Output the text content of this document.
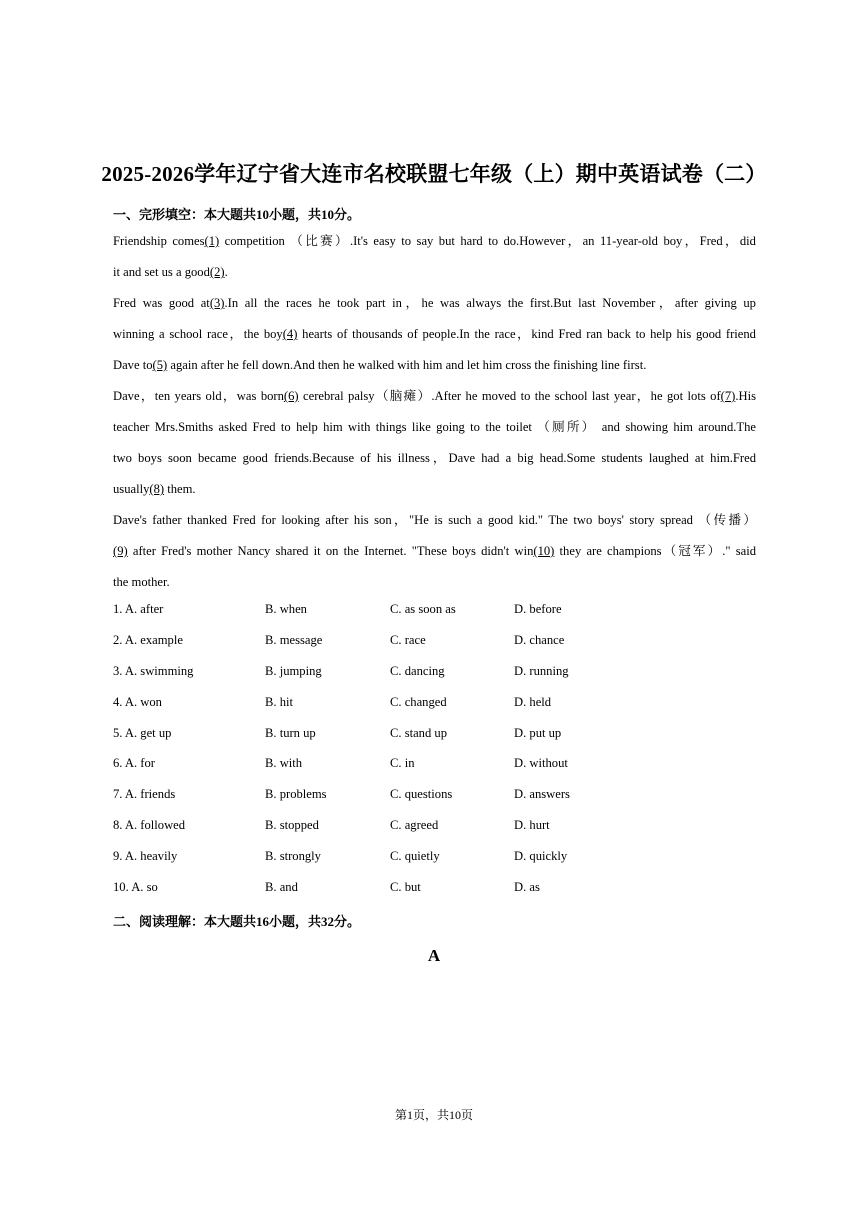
2025-2026学年辽宁省大连市名校联盟七年级（上）期中英语试卷（二）
一、完形填空：本大题共10小题，共10分。
Friendship comes(1) competition （比赛）.It's easy to say but hard to do.However，an 11-year-old boy，Fred，did
it and set us a good(2).
Fred was good at(3).In all the races he took part in，he was always the first.But last November，after giving up
winning a school race，the boy(4) hearts of thousands of people.In the race，kind Fred ran back to help his good friend
Dave to(5) again after he fell down.And then he walked with him and let him cross the finishing line first.
Dave，ten years old，was born(6) cerebral palsy（脑瘫）.After he moved to the school last year，he got lots of(7).His
teacher Mrs.Smiths asked Fred to help him with things like going to the toilet （厕所） and showing him around.The
two boys soon became good friends.Because of his illness，Dave had a big head.Some students laughed at him.Fred
usually(8) them.
Dave's father thanked Fred for looking after his son，"He is such a good kid." The two boys' story spread （传播）
(9) after Fred's mother Nancy shared it on the Internet. "These boys didn't win(10) they are champions（冠军）." said
the mother.
1. A. after	B. when	C. as soon as	D. before
2. A. example	B. message	C. race	D. chance
3. A. swimming	B. jumping	C. dancing	D. running
4. A. won	B. hit	C. changed	D. held
5. A. get up	B. turn up	C. stand up	D. put up
6. A. for	B. with	C. in	D. without
7. A. friends	B. problems	C. questions	D. answers
8. A. followed	B. stopped	C. agreed	D. hurt
9. A. heavily	B. strongly	C. quietly	D. quickly
10. A. so	B. and	C. but	D. as
二、阅读理解：本大题共16小题，共32分。
A
第1页，共10页
